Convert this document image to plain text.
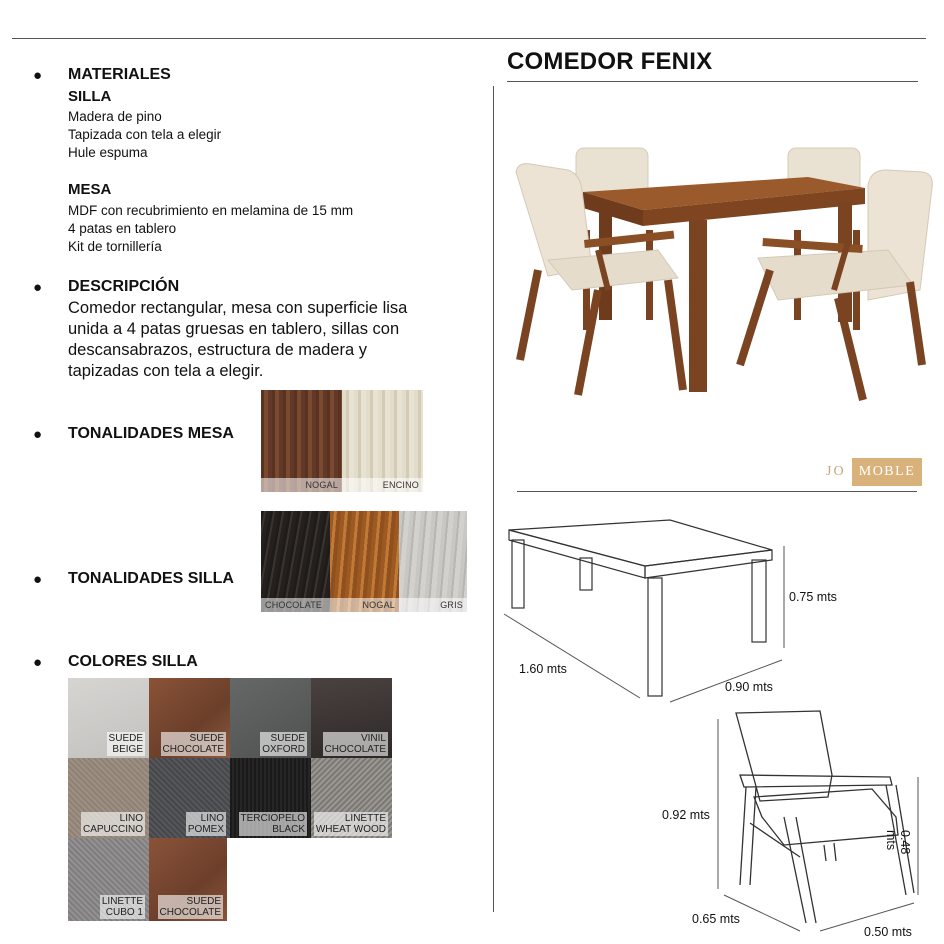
COMEDOR FENIX
● MATERIALES
SILLA
Madera de pino
Tapizada con tela a elegir
Hule espuma
MESA
MDF con recubrimiento en melamina de 15 mm
4 patas en tablero
Kit de tornillería
● DESCRIPCIÓN
Comedor rectangular, mesa con superficie lisa
unida a 4 patas gruesas en tablero, sillas con
descansabrazos, estructura de madera y
tapizadas con tela a elegir.
● TONALIDADES MESA
NOGAL	ENCINO
● TONALIDADES SILLA
CHOCOLATE	NOGAL	GRIS
● COLORES SILLA
SUEDE
BEIGE
SUEDE
CHOCOLATE
SUEDE
OXFORD
VINIL
CHOCOLATE
LINO
CAPUCCINO
LINO
POMEX
TERCIOPELO
BLACK
LINETTE
WHEAT WOOD
LINETTE
CUBO 1
SUEDE
CHOCOLATE
JO MOBLE
0.75 mts
1.60 mts
0.90 mts
0.92 mts
0.48 mts
0.65 mts
0.50 mts
